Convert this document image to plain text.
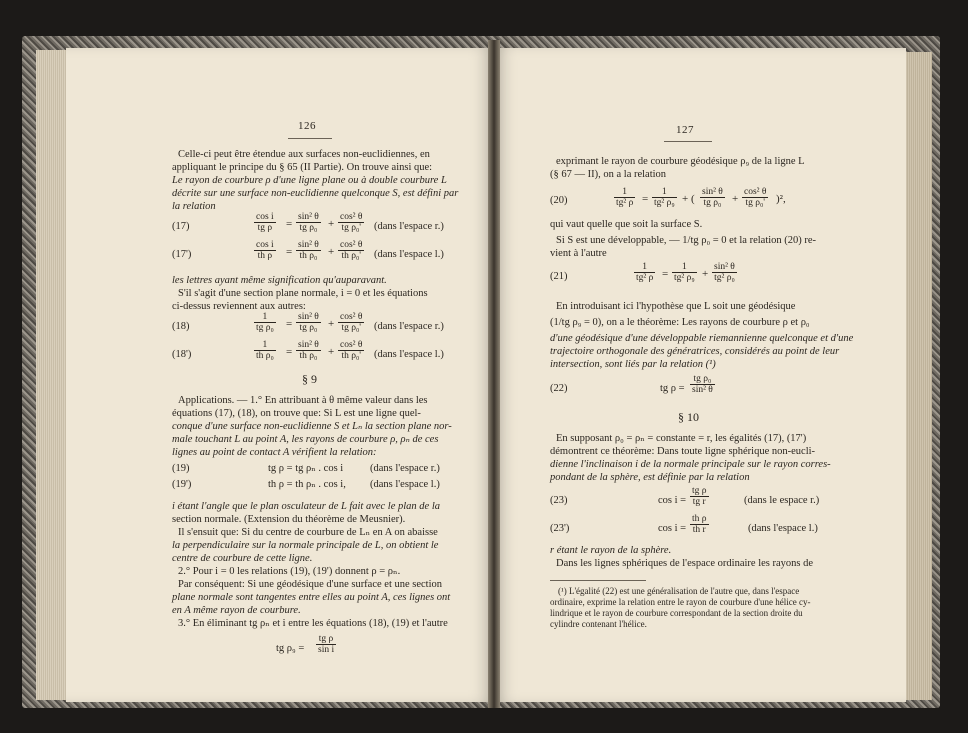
126
Celle-ci peut être étendue aux surfaces non-euclidiennes, en
appliquant le principe du § 65 (II Partie). On trouve ainsi que:
Le rayon de courbure ρ d'une ligne plane ou à double courbure L
décrite sur une surface non-euclidienne quelconque S, est défini par
la relation
(17)	$\frac{\text{cos i}}{\text{tg ρ}} = \frac{\text{sin² θ}}{\text{tg ρ₀}} + \frac{\text{cos² θ}}{\text{tg ρ₀'}}$ (dans l'espace r.)
(17')	$\frac{\text{cos i}}{\text{th ρ}} = \frac{\text{sin² θ}}{\text{th ρ₀}} + \frac{\text{cos² θ}}{\text{th ρ₀'}}$ (dans l'espace l.)
les lettres ayant même signification qu'auparavant.
S'il s'agit d'une section plane normale, i = 0 et les équations
ci-dessus reviennent aux autres:
(18)	$\frac{1}{\text{tg ρ₀}} = \frac{\text{sin² θ}}{\text{tg ρ₀}} + \frac{\text{cos² θ}}{\text{tg ρ₀'}}$ (dans l'espace r.)
(18')	$\frac{1}{\text{th ρ₀}} = \frac{\text{sin² θ}}{\text{th ρ₀}} + \frac{\text{cos² θ}}{\text{th ρ₀'}}$ (dans l'espace l.)
§ 9
Applications. — 1.° En attribuant à θ même valeur dans les
équations (17), (18), on trouve que: Si L est une ligne quel-
conque d'une surface non-euclidienne S et Lₙ la section plane nor-
male touchant L au point A, les rayons de courbure ρ, ρₙ de ces
lignes au point de contact A vérifient la relation:
(19)	tg ρ = tg ρₙ . cos i	(dans l'espace r.)
(19')	th ρ = th ρₙ . cos i, (dans l'espace l.)
i étant l'angle que le plan osculateur de L fait avec le plan de la
section normale. (Extension du théorème de Meusnier).
Il s'ensuit que: Si du centre de courbure de Lₙ en A on abaisse
la perpendiculaire sur la normale principale de L, on obtient le
centre de courbure de cette ligne.
2.° Pour i = 0 les relations (19), (19') donnent ρ = ρₙ.
Par conséquent: Si une géodésique d'une surface et une section
plane normale sont tangentes entre elles au point A, ces lignes ont
en A même rayon de courbure.
3.° En éliminant tg ρₙ et i entre les équations (18), (19) et l'autre
tg $\rho_9 = \frac{\text{tg ρ}}{\text{sin i}}$
127
exprimant le rayon de courbure géodésique ρ₉ de la ligne L
(§ 67 — II), on a la relation
(20)	$\frac{1}{\text{tg² ρ}} = \frac{1}{\text{tg² ρ₉}}$ + ( $\frac{\text{sin² θ}}{\text{tg ρ₀}} + \frac{\text{cos² θ}}{\text{tg ρ₀'}} )^2$,
qui vaut quelle que soit la surface S.
Si S est une développable, — 1/tg ρ₀ = 0 et la relation (20) re-
vient à l'autre
(21)	$\frac{1}{\text{tg² ρ}} = \frac{1}{\text{tg² ρ₉}} + \frac{\text{sin² θ}}{\text{tg² ρ₀}}$
En introduisant ici l'hypothèse que L soit une géodésique
(1/tg ρ₉ = 0), on a le théorème: Les rayons de courbure ρ et ρ₀
d'une géodésique d'une développable riemannienne quelconque et d'une
trajectoire orthogonale des génératrices, considérés au point de leur
intersection, sont liés par la relation (¹)
(22)	tg $\rho = \frac{\text{tg ρ₀}}{\text{sin² θ}}$
§ 10
En supposant ρ₀ = ρₙ = constante = r, les égalités (17), (17')
démontrent ce théorème: Dans toute ligne sphérique non-eucli-
dienne l'inclinaison i de la normale principale sur le rayon corres-
pondant de la sphère, est définie par la relation
(23)	$\cos i = \frac{\text{tg ρ}}{\text{tg r}}$	(dans le espace r.)
(23')	$\cos i = \frac{\text{th ρ}}{\text{th r}}$	(dans l'espace l.)
r étant le rayon de la sphère.
Dans les lignes sphériques de l'espace ordinaire les rayons de
(¹) L'égalité (22) est une généralisation de l'autre que, dans l'espace
ordinaire, exprime la relation entre le rayon de courbure d'une hélice cy-
lindrique et le rayon de courbure correspondant de la section droite du
cylindre contenant l'hélice.
